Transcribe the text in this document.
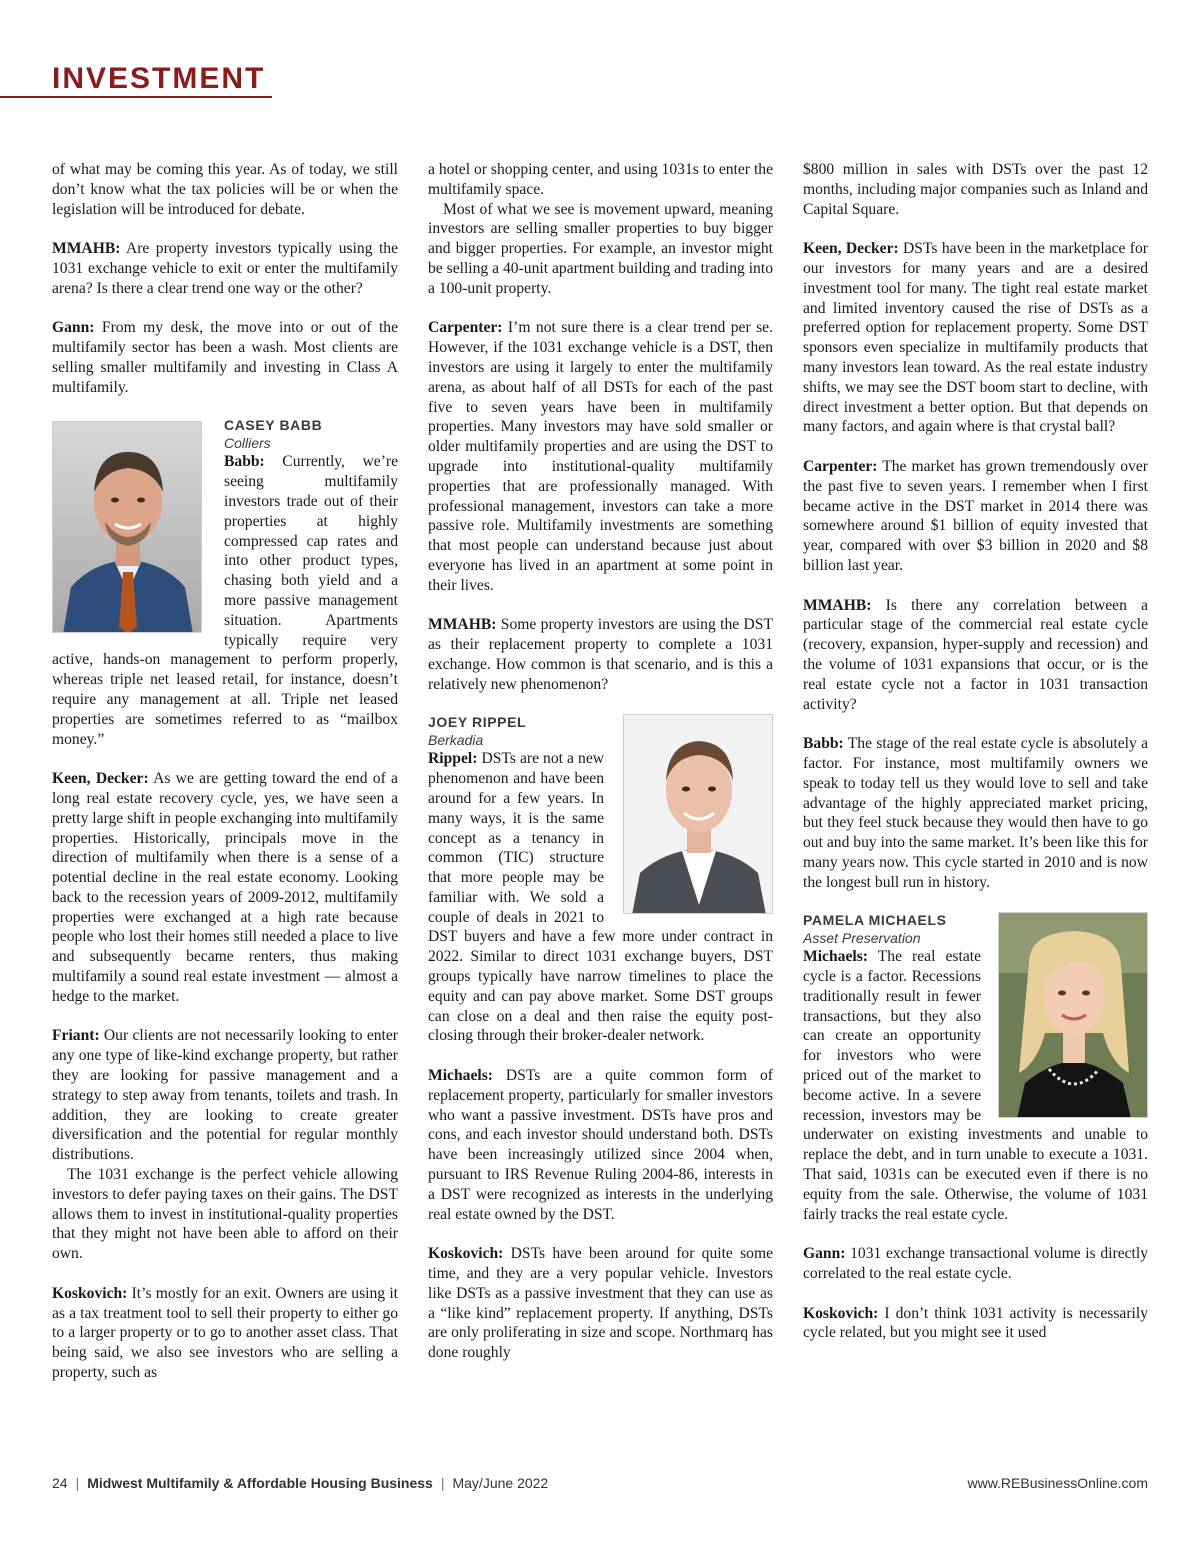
INVESTMENT

of what may be coming this year. As of today, we still don’t know what the tax policies will be or when the legislation will be introduced for debate.

MMAHB: Are property investors typically using the 1031 exchange vehicle to exit or enter the multifamily arena? Is there a clear trend one way or the other?

Gann: From my desk, the move into or out of the multifamily sector has been a wash. Most clients are selling smaller multifamily and investing in Class A multifamily.

CASEY BABB
Colliers
Babb: Currently, we’re seeing multifamily investors trade out of their properties at highly compressed cap rates and into other product types, chasing both yield and a more passive management situation. Apartments typically require very active, hands-on management to perform properly, whereas triple net leased retail, for instance, doesn’t require any management at all. Triple net leased properties are sometimes referred to as “mailbox money.”

Keen, Decker: As we are getting toward the end of a long real estate recovery cycle, yes, we have seen a pretty large shift in people exchanging into multifamily properties. Historically, principals move in the direction of multifamily when there is a sense of a potential decline in the real estate economy. Looking back to the recession years of 2009-2012, multifamily properties were exchanged at a high rate because people who lost their homes still needed a place to live and subsequently became renters, thus making multifamily a sound real estate investment — almost a hedge to the market.

Friant: Our clients are not necessarily looking to enter any one type of like-kind exchange property, but rather they are looking for passive management and a strategy to step away from tenants, toilets and trash. In addition, they are looking to create greater diversification and the potential for regular monthly distributions.

The 1031 exchange is the perfect vehicle allowing investors to defer paying taxes on their gains. The DST allows them to invest in institutional-quality properties that they might not have been able to afford on their own.

Koskovich: It’s mostly for an exit. Owners are using it as a tax treatment tool to sell their property to either go to a larger property or to go to another asset class. That being said, we also see investors who are selling a property, such as

a hotel or shopping center, and using 1031s to enter the multifamily space.

Most of what we see is movement upward, meaning investors are selling smaller properties to buy bigger and bigger properties. For example, an investor might be selling a 40-unit apartment building and trading into a 100-unit property.

Carpenter: I’m not sure there is a clear trend per se. However, if the 1031 exchange vehicle is a DST, then investors are using it largely to enter the multifamily arena, as about half of all DSTs for each of the past five to seven years have been in multifamily properties. Many investors may have sold smaller or older multifamily properties and are using the DST to upgrade into institutional-quality multifamily properties that are professionally managed. With professional management, investors can take a more passive role. Multifamily investments are something that most people can understand because just about everyone has lived in an apartment at some point in their lives.

MMAHB: Some property investors are using the DST as their replacement property to complete a 1031 exchange. How common is that scenario, and is this a relatively new phenomenon?

JOEY RIPPEL
Berkadia
Rippel: DSTs are not a new phenomenon and have been around for a few years. In many ways, it is the same concept as a tenancy in common (TIC) structure that more people may be familiar with. We sold a couple of deals in 2021 to DST buyers and have a few more under contract in 2022. Similar to direct 1031 exchange buyers, DST groups typically have narrow timelines to place the equity and can pay above market. Some DST groups can close on a deal and then raise the equity post-closing through their broker-dealer network.

Michaels: DSTs are a quite common form of replacement property, particularly for smaller investors who want a passive investment. DSTs have pros and cons, and each investor should understand both. DSTs have been increasingly utilized since 2004 when, pursuant to IRS Revenue Ruling 2004-86, interests in a DST were recognized as interests in the underlying real estate owned by the DST.

Koskovich: DSTs have been around for quite some time, and they are a very popular vehicle. Investors like DSTs as a passive investment that they can use as a “like kind” replacement property. If anything, DSTs are only proliferating in size and scope. Northmarq has done roughly

$800 million in sales with DSTs over the past 12 months, including major companies such as Inland and Capital Square.

Keen, Decker: DSTs have been in the marketplace for our investors for many years and are a desired investment tool for many. The tight real estate market and limited inventory caused the rise of DSTs as a preferred option for replacement property. Some DST sponsors even specialize in multifamily products that many investors lean toward. As the real estate industry shifts, we may see the DST boom start to decline, with direct investment a better option. But that depends on many factors, and again where is that crystal ball?

Carpenter: The market has grown tremendously over the past five to seven years. I remember when I first became active in the DST market in 2014 there was somewhere around $1 billion of equity invested that year, compared with over $3 billion in 2020 and $8 billion last year.

MMAHB: Is there any correlation between a particular stage of the commercial real estate cycle (recovery, expansion, hyper-supply and recession) and the volume of 1031 expansions that occur, or is the real estate cycle not a factor in 1031 transaction activity?

Babb: The stage of the real estate cycle is absolutely a factor. For instance, most multifamily owners we speak to today tell us they would love to sell and take advantage of the highly appreciated market pricing, but they feel stuck because they would then have to go out and buy into the same market. It’s been like this for many years now. This cycle started in 2010 and is now the longest bull run in history.

PAMELA MICHAELS
Asset Preservation
Michaels: The real estate cycle is a factor. Recessions traditionally result in fewer transactions, but they also can create an opportunity for investors who were priced out of the market to become active. In a severe recession, investors may be underwater on existing investments and unable to replace the debt, and in turn unable to execute a 1031. That said, 1031s can be executed even if there is no equity from the sale. Otherwise, the volume of 1031 fairly tracks the real estate cycle.

Gann: 1031 exchange transactional volume is directly correlated to the real estate cycle.

Koskovich: I don’t think 1031 activity is necessarily cycle related, but you might see it used

24 | Midwest Multifamily & Affordable Housing Business | May/June 2022	www.REBusinessOnline.com
